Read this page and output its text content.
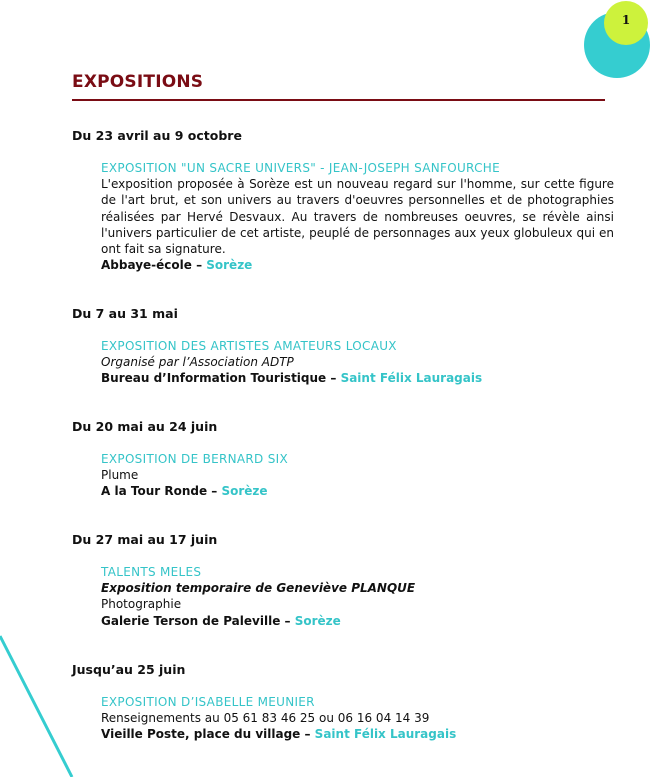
1
EXPOSITIONS

Du 23 avril au 9 octobre

EXPOSITION "UN SACRE UNIVERS" - JEAN-JOSEPH SANFOURCHE
L'exposition proposée à Sorèze est un nouveau regard sur l'homme, sur cette figure de l'art brut, et son univers au travers d'oeuvres personnelles et de photographies réalisées par Hervé Desvaux. Au travers de nombreuses oeuvres, se révèle ainsi l'univers particulier de cet artiste, peuplé de personnages aux yeux globuleux qui en ont fait sa signature.
Abbaye-école – Sorèze

Du 7 au 31 mai

EXPOSITION DES ARTISTES AMATEURS LOCAUX
Organisé par l’Association ADTP
Bureau d’Information Touristique – Saint Félix Lauragais

Du 20 mai au 24 juin

EXPOSITION DE BERNARD SIX
Plume
A la Tour Ronde – Sorèze

Du 27 mai au 17 juin

TALENTS MELES
Exposition temporaire de Geneviève PLANQUE
Photographie
Galerie Terson de Paleville – Sorèze

Jusqu’au 25 juin

EXPOSITION D’ISABELLE MEUNIER
Renseignements au 05 61 83 46 25 ou 06 16 04 14 39
Vieille Poste, place du village – Saint Félix Lauragais
